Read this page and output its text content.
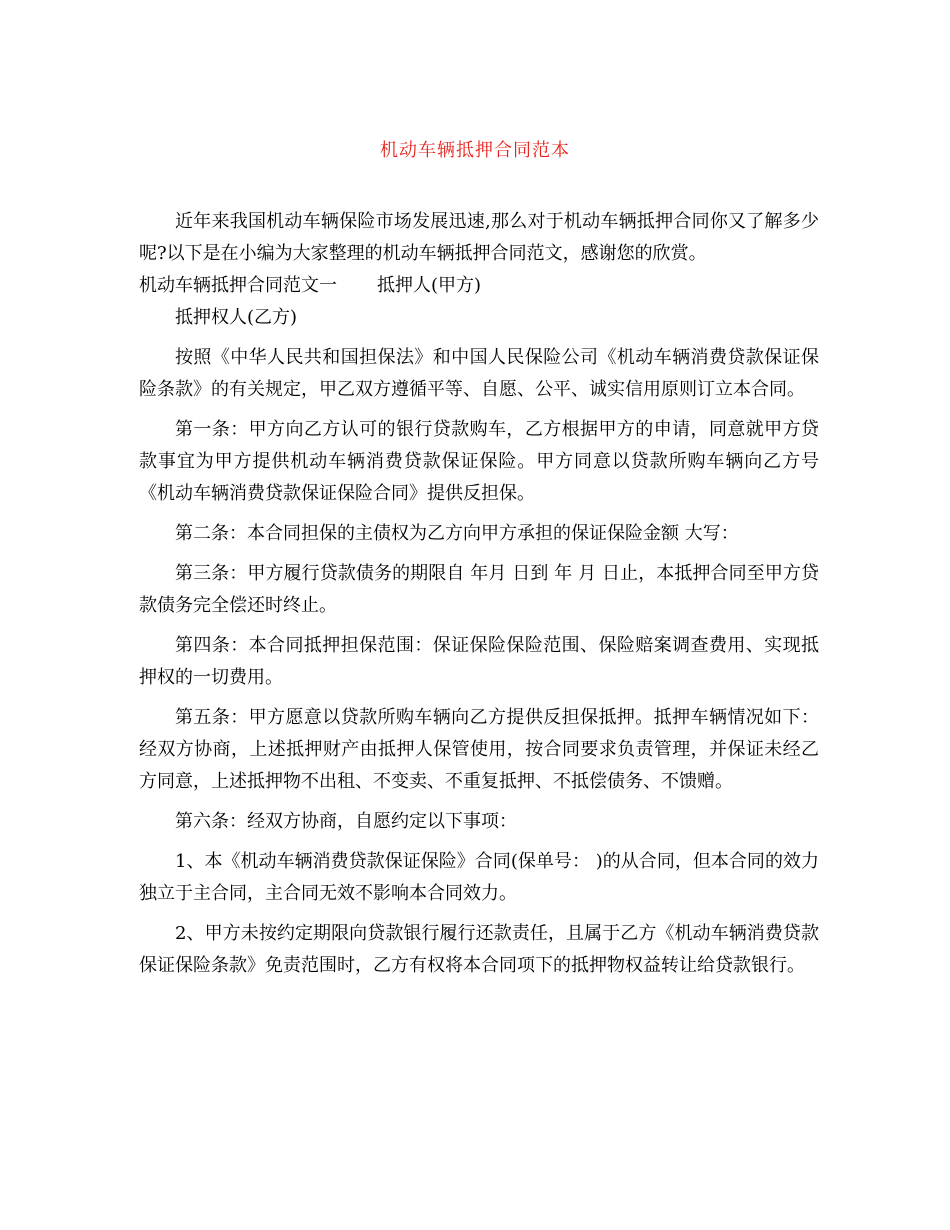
机动车辆抵押合同范本

近年来我国机动车辆保险市场发展迅速,那么对于机动车辆抵押合同你又了解多少呢?以下是在小编为大家整理的机动车辆抵押合同范文，感谢您的欣赏。

机动车辆抵押合同范文一 抵押人(甲方)

抵押权人(乙方)

按照《中华人民共和国担保法》和中国人民保险公司《机动车辆消费贷款保证保险条款》的有关规定，甲乙双方遵循平等、自愿、公平、诚实信用原则订立本合同。

第一条：甲方向乙方认可的银行贷款购车，乙方根据甲方的申请，同意就甲方贷款事宜为甲方提供机动车辆消费贷款保证保险。甲方同意以贷款所购车辆向乙方号《机动车辆消费贷款保证保险合同》提供反担保。

第二条：本合同担保的主债权为乙方向甲方承担的保证保险金额 大写：

第三条：甲方履行贷款债务的期限自 年月 日到 年 月 日止，本抵押合同至甲方贷款债务完全偿还时终止。

第四条：本合同抵押担保范围：保证保险保险范围、保险赔案调查费用、实现抵押权的一切费用。

第五条：甲方愿意以贷款所购车辆向乙方提供反担保抵押。抵押车辆情况如下：经双方协商，上述抵押财产由抵押人保管使用，按合同要求负责管理，并保证未经乙方同意，上述抵押物不出租、不变卖、不重复抵押、不抵偿债务、不馈赠。

第六条：经双方协商，自愿约定以下事项：

1、本《机动车辆消费贷款保证保险》合同(保单号： )的从合同，但本合同的效力独立于主合同，主合同无效不影响本合同效力。

2、甲方未按约定期限向贷款银行履行还款责任，且属于乙方《机动车辆消费贷款保证保险条款》免责范围时，乙方有权将本合同项下的抵押物权益转让给贷款银行。
